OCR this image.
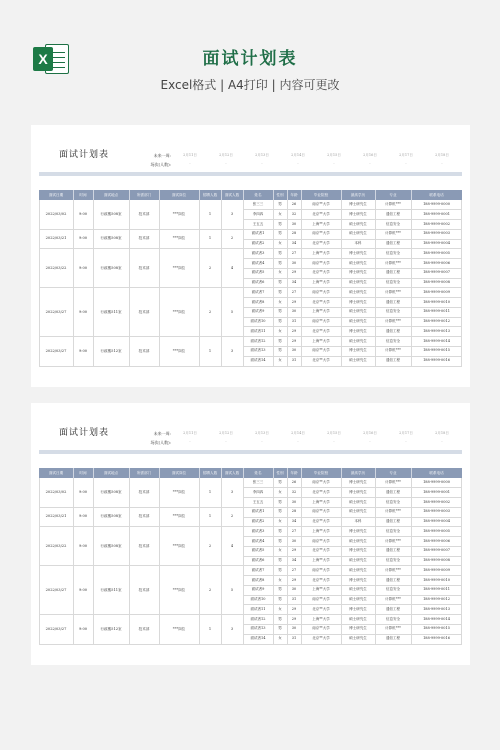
X	面试计划表
Excel格式 | A4打印 | 内容可更改
面试计划表	未来一周:
场次(人数):
2月11日	2月12日	2月13日	2月14日	2月15日	2月16日	2月17日	2月18日
-	-	-	-	-	-	-	-
面试日期	时间	面试地点	所需部门	面试岗位	招聘人数	面试人数	姓名	性别	年龄	毕业院校	最高学历	专业	联系电话
2022/03/02	9:00	行政楼508室	技术部	***岗位	1	3
张三三	男	26	南京**大学	博士研究生	计算机***	188-9999-0000
李四四	女	32	北京**大学	博士研究生	通信工程	188-9999-0001
王五五	男	30	上海**大学	硕士研究生	信息安全	188-9999-0002
2022/03/21	9:00	行政楼508室	技术部	***岗位	1	2
面试者1	男	28	南京**大学	硕士研究生	计算机***	188-9999-0003
面试者2	女	34	北京**大学	本科	通信工程	188-9999-0004
2022/03/22	9:00	行政楼508室	技术部	***岗位	2	4
面试者3	男	27	上海**大学	博士研究生	信息安全	188-9999-0005
面试者4	男	30	南京**大学	硕士研究生	计算机***	188-9999-0006
面试者5	女	29	北京**大学	博士研究生	通信工程	188-9999-0007
面试者6	男	34	上海**大学	硕士研究生	信息安全	188-9999-0008
2022/03/27	9:00	行政楼511室	技术部	***岗位	2	5
面试者7	男	27	南京**大学	硕士研究生	计算机***	188-9999-0009
面试者8	女	29	北京**大学	博士研究生	通信工程	188-9999-0010
面试者9	男	30	上海**大学	硕士研究生	信息安全	188-9999-0011
面试者10	男	31	南京**大学	硕士研究生	计算机***	188-9999-0012
面试者11	女	29	北京**大学	博士研究生	通信工程	188-9999-0013
2022/03/27	9:00	行政楼512室	技术部	***岗位	1	3
面试者12	男	29	上海**大学	硕士研究生	信息安全	188-9999-0014
面试者13	男	30	南京**大学	博士研究生	计算机***	188-9999-0015
面试者14	女	31	北京**大学	硕士研究生	通信工程	188-9999-0016
面试计划表	未来一周:
场次(人数):
2月11日	2月12日	2月13日	2月14日	2月15日	2月16日	2月17日	2月18日
-	-	-	-	-	-	-	-
面试日期	时间	面试地点	所需部门	面试岗位	招聘人数	面试人数	姓名	性别	年龄	毕业院校	最高学历	专业	联系电话
2022/03/02	9:00	行政楼508室	技术部	***岗位	1	3
张三三	男	26	南京**大学	博士研究生	计算机***	188-9999-0000
李四四	女	32	北京**大学	博士研究生	通信工程	188-9999-0001
王五五	男	30	上海**大学	硕士研究生	信息安全	188-9999-0002
2022/03/21	9:00	行政楼508室	技术部	***岗位	1	2
面试者1	男	28	南京**大学	硕士研究生	计算机***	188-9999-0003
面试者2	女	34	北京**大学	本科	通信工程	188-9999-0004
2022/03/22	9:00	行政楼508室	技术部	***岗位	2	4
面试者3	男	27	上海**大学	博士研究生	信息安全	188-9999-0005
面试者4	男	30	南京**大学	硕士研究生	计算机***	188-9999-0006
面试者5	女	29	北京**大学	博士研究生	通信工程	188-9999-0007
面试者6	男	34	上海**大学	硕士研究生	信息安全	188-9999-0008
2022/03/27	9:00	行政楼511室	技术部	***岗位	2	5
面试者7	男	27	南京**大学	硕士研究生	计算机***	188-9999-0009
面试者8	女	29	北京**大学	博士研究生	通信工程	188-9999-0010
面试者9	男	30	上海**大学	硕士研究生	信息安全	188-9999-0011
面试者10	男	31	南京**大学	硕士研究生	计算机***	188-9999-0012
面试者11	女	29	北京**大学	博士研究生	通信工程	188-9999-0013
2022/03/27	9:00	行政楼512室	技术部	***岗位	1	3
面试者12	男	29	上海**大学	硕士研究生	信息安全	188-9999-0014
面试者13	男	30	南京**大学	博士研究生	计算机***	188-9999-0015
面试者14	女	31	北京**大学	硕士研究生	通信工程	188-9999-0016
